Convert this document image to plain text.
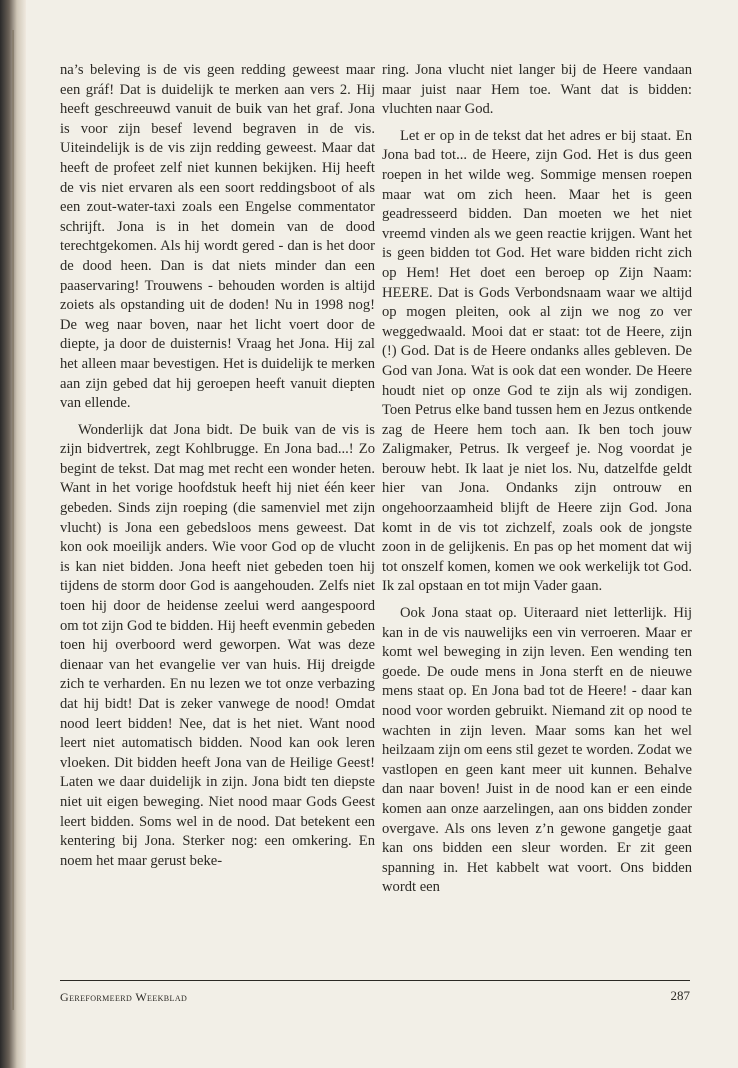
na’s beleving is de vis geen redding geweest maar een gráf! Dat is duidelijk te merken aan vers 2. Hij heeft geschreeuwd vanuit de buik van het graf. Jona is voor zijn besef levend begraven in de vis. Uiteindelijk is de vis zijn redding geweest. Maar dat heeft de profeet zelf niet kunnen bekijken. Hij heeft de vis niet ervaren als een soort reddingsboot of als een zout-water-taxi zoals een Engelse commentator schrijft. Jona is in het domein van de dood terechtgekomen. Als hij wordt gered - dan is het door de dood heen. Dan is dat niets minder dan een paaservaring! Trouwens - behouden worden is altijd zoiets als opstanding uit de doden! Nu in 1998 nog! De weg naar boven, naar het licht voert door de diepte, ja door de duisternis! Vraag het Jona. Hij zal het alleen maar bevestigen. Het is duidelijk te merken aan zijn gebed dat hij geroepen heeft vanuit diepten van ellende.

Wonderlijk dat Jona bidt. De buik van de vis is zijn bidvertrek, zegt Kohlbrugge. En Jona bad...! Zo begint de tekst. Dat mag met recht een wonder heten. Want in het vorige hoofdstuk heeft hij niet één keer gebeden. Sinds zijn roeping (die samenviel met zijn vlucht) is Jona een gebedsloos mens geweest. Dat kon ook moeilijk anders. Wie voor God op de vlucht is kan niet bidden. Jona heeft niet gebeden toen hij tijdens de storm door God is aangehouden. Zelfs niet toen hij door de heidense zeelui werd aangespoord om tot zijn God te bidden. Hij heeft evenmin gebeden toen hij overboord werd geworpen. Wat was deze dienaar van het evangelie ver van huis. Hij dreigde zich te verharden. En nu lezen we tot onze verbazing dat hij bidt! Dat is zeker vanwege de nood! Omdat nood leert bidden! Nee, dat is het niet. Want nood leert niet automatisch bidden. Nood kan ook leren vloeken. Dit bidden heeft Jona van de Heilige Geest! Laten we daar duidelijk in zijn. Jona bidt ten diepste niet uit eigen beweging. Niet nood maar Gods Geest leert bidden. Soms wel in de nood. Dat betekent een kentering bij Jona. Sterker nog: een omkering. En noem het maar gerust beke-

ring. Jona vlucht niet langer bij de Heere vandaan maar juist naar Hem toe. Want dat is bidden: vluchten naar God.

Let er op in de tekst dat het adres er bij staat. En Jona bad tot... de Heere, zijn God. Het is dus geen roepen in het wilde weg. Sommige mensen roepen maar wat om zich heen. Maar het is geen geadresseerd bidden. Dan moeten we het niet vreemd vinden als we geen reactie krijgen. Want het is geen bidden tot God. Het ware bidden richt zich op Hem! Het doet een beroep op Zijn Naam: HEERE. Dat is Gods Verbondsnaam waar we altijd op mogen pleiten, ook al zijn we nog zo ver weggedwaald. Mooi dat er staat: tot de Heere, zijn (!) God. Dat is de Heere ondanks alles gebleven. De God van Jona. Wat is ook dat een wonder. De Heere houdt niet op onze God te zijn als wij zondigen. Toen Petrus elke band tussen hem en Jezus ontkende zag de Heere hem toch aan. Ik ben toch jouw Zaligmaker, Petrus. Ik vergeef je. Nog voordat je berouw hebt. Ik laat je niet los. Nu, datzelfde geldt hier van Jona. Ondanks zijn ontrouw en ongehoorzaamheid blijft de Heere zijn God. Jona komt in de vis tot zichzelf, zoals ook de jongste zoon in de gelijkenis. En pas op het moment dat wij tot onszelf komen, komen we ook werkelijk tot God. Ik zal opstaan en tot mijn Vader gaan.

Ook Jona staat op. Uiteraard niet letterlijk. Hij kan in de vis nauwelijks een vin verroeren. Maar er komt wel beweging in zijn leven. Een wending ten goede. De oude mens in Jona sterft en de nieuwe mens staat op. En Jona bad tot de Heere! - daar kan nood voor worden gebruikt. Niemand zit op nood te wachten in zijn leven. Maar soms kan het wel heilzaam zijn om eens stil gezet te worden. Zodat we vastlopen en geen kant meer uit kunnen. Behalve dan naar boven! Juist in de nood kan er een einde komen aan onze aarzelingen, aan ons bidden zonder overgave. Als ons leven z’n gewone gangetje gaat kan ons bidden een sleur worden. Er zit geen spanning in. Het kabbelt wat voort. Ons bidden wordt een

Gereformeerd Weekblad	287
